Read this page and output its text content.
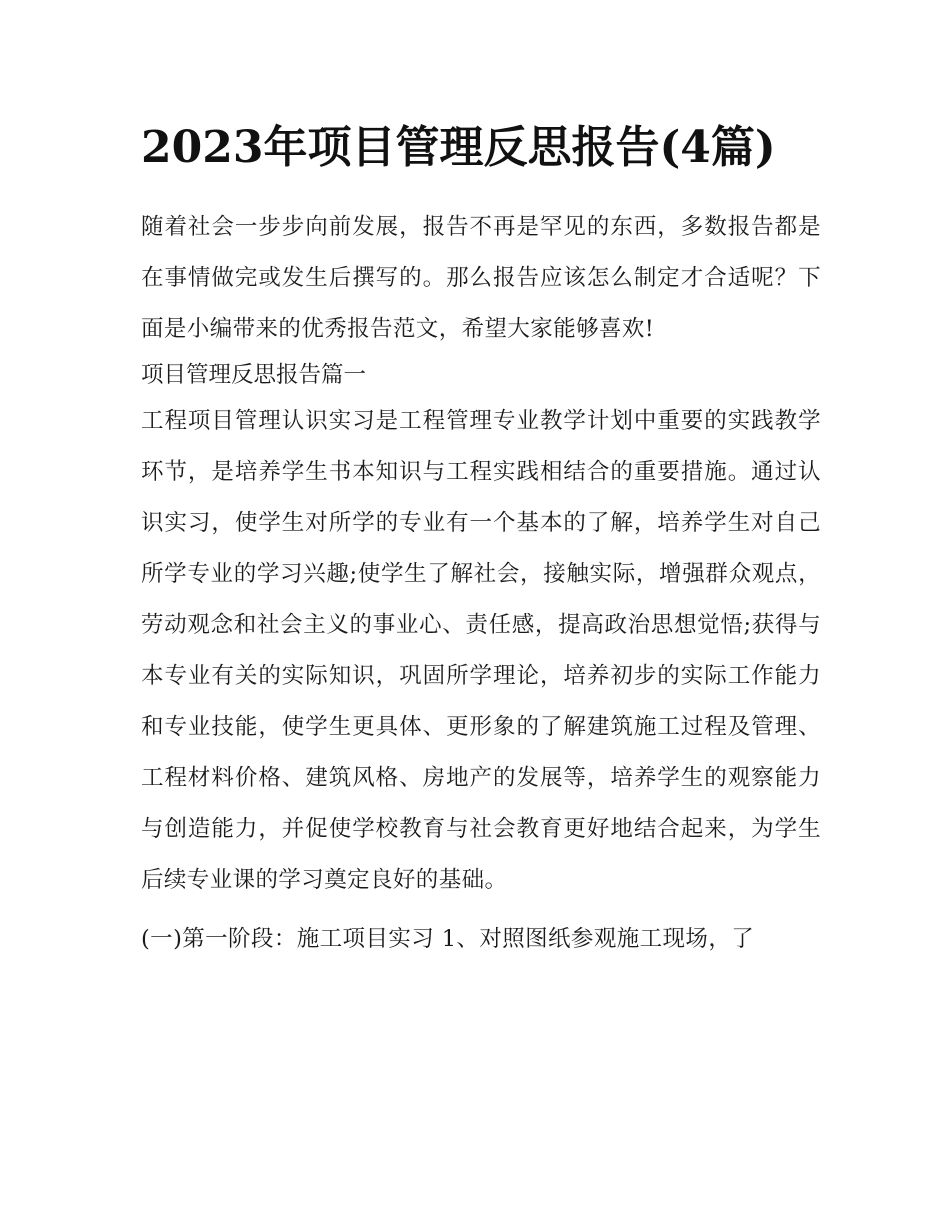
2023年项目管理反思报告(4篇)

随着社会一步步向前发展，报告不再是罕见的东西，多数报告都是在事情做完或发生后撰写的。那么报告应该怎么制定才合适呢？下面是小编带来的优秀报告范文，希望大家能够喜欢!

项目管理反思报告篇一

工程项目管理认识实习是工程管理专业教学计划中重要的实践教学环节，是培养学生书本知识与工程实践相结合的重要措施。通过认识实习，使学生对所学的专业有一个基本的了解，培养学生对自己所学专业的学习兴趣;使学生了解社会，接触实际，增强群众观点，劳动观念和社会主义的事业心、责任感，提高政治思想觉悟;获得与本专业有关的实际知识，巩固所学理论，培养初步的实际工作能力和专业技能，使学生更具体、更形象的了解建筑施工过程及管理、工程材料价格、建筑风格、房地产的发展等，培养学生的观察能力与创造能力，并促使学校教育与社会教育更好地结合起来，为学生后续专业课的学习奠定良好的基础。

(一)第一阶段：施工项目实习 1、对照图纸参观施工现场，了
